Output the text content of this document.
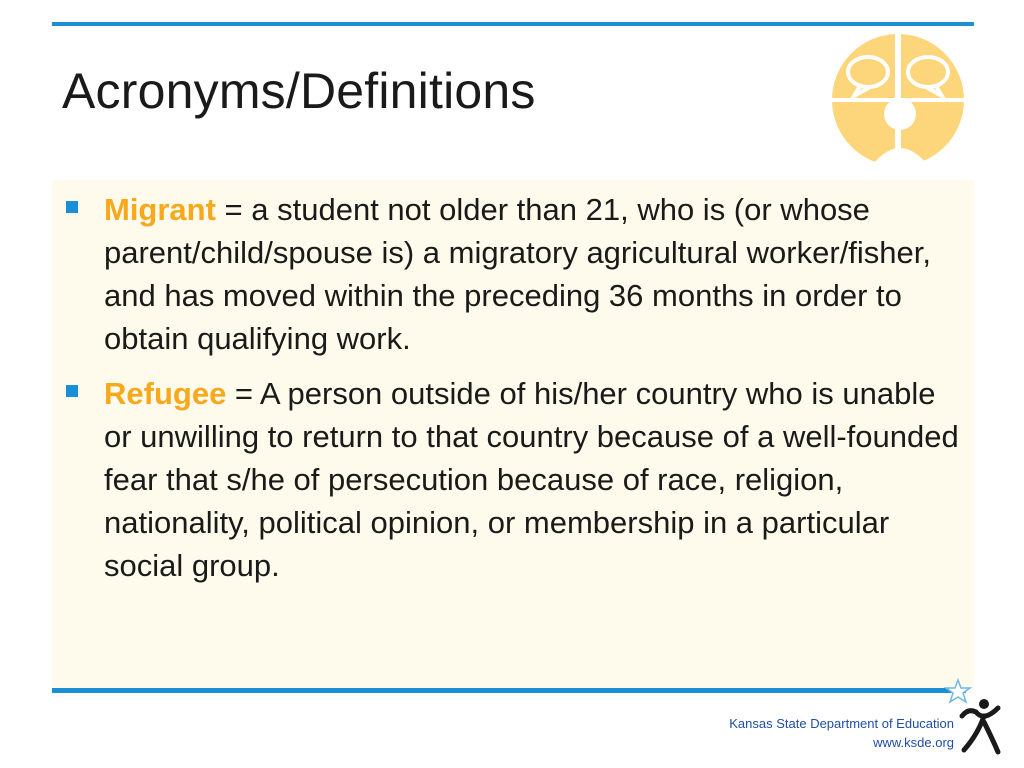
Acronyms/Definitions
Migrant = a student not older than 21, who is (or whose parent/child/spouse is) a migratory agricultural worker/fisher, and has moved within the preceding 36 months in order to obtain qualifying work.
Refugee = A person outside of his/her country who is unable or unwilling to return to that country because of a well-founded fear that s/he of persecution because of race, religion, nationality, political opinion, or membership in a particular social group.
Kansas State Department of Education
www.ksde.org
